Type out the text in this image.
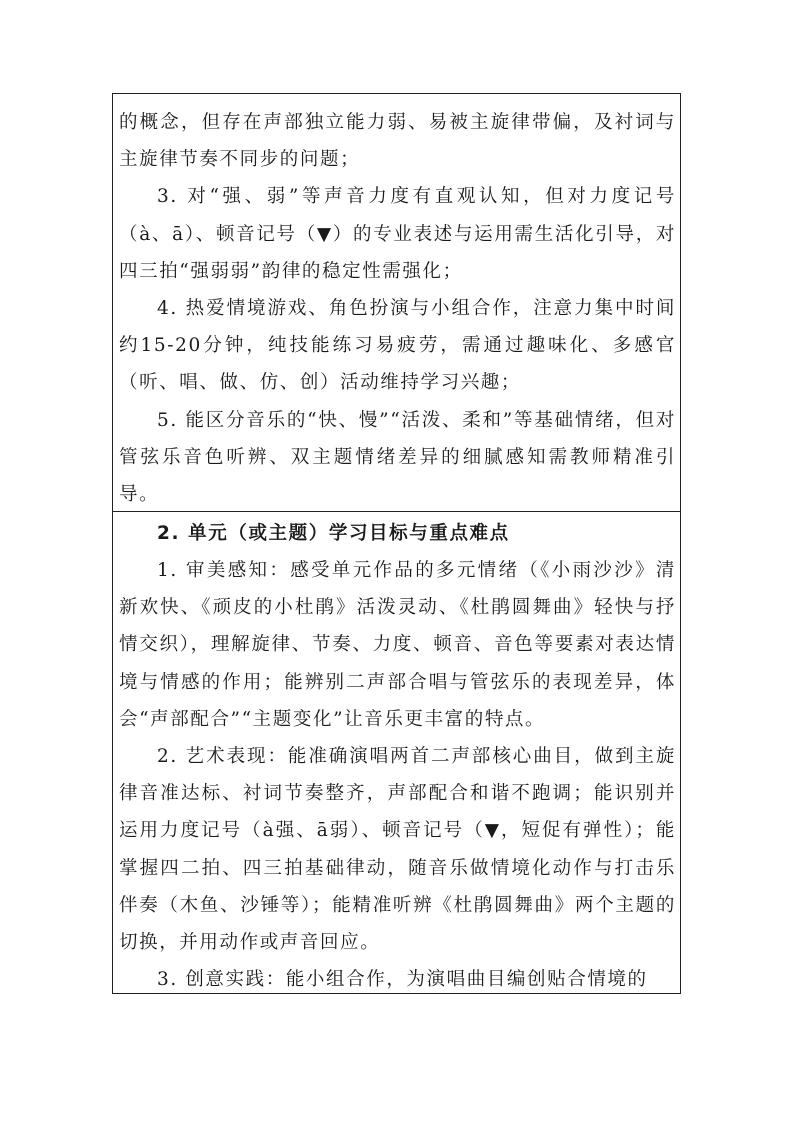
的概念，但存在声部独立能力弱、易被主旋律带偏，及衬词与主旋律节奏不同步的问题；

3. 对“强、弱”等声音力度有直观认知，但对力度记号（à、ā）、顿音记号（▼）的专业表述与运用需生活化引导，对四三拍“强弱弱”韵律的稳定性需强化；

4. 热爱情境游戏、角色扮演与小组合作，注意力集中时间约15-20分钟，纯技能练习易疲劳，需通过趣味化、多感官（听、唱、做、仿、创）活动维持学习兴趣；

5. 能区分音乐的“快、慢”“活泼、柔和”等基础情绪，但对管弦乐音色听辨、双主题情绪差异的细腻感知需教师精准引导。

2. 单元（或主题）学习目标与重点难点

1. 审美感知：感受单元作品的多元情绪（《小雨沙沙》清新欢快、《顽皮的小杜鹃》活泼灵动、《杜鹃圆舞曲》轻快与抒情交织），理解旋律、节奏、力度、顿音、音色等要素对表达情境与情感的作用；能辨别二声部合唱与管弦乐的表现差异，体会“声部配合”“主题变化”让音乐更丰富的特点。

2. 艺术表现：能准确演唱两首二声部核心曲目，做到主旋律音准达标、衬词节奏整齐，声部配合和谐不跑调；能识别并运用力度记号（à强、ā弱）、顿音记号（▼，短促有弹性）；能掌握四二拍、四三拍基础律动，随音乐做情境化动作与打击乐伴奏（木鱼、沙锤等）；能精准听辨《杜鹃圆舞曲》两个主题的切换，并用动作或声音回应。

3. 创意实践：能小组合作，为演唱曲目编创贴合情境的
